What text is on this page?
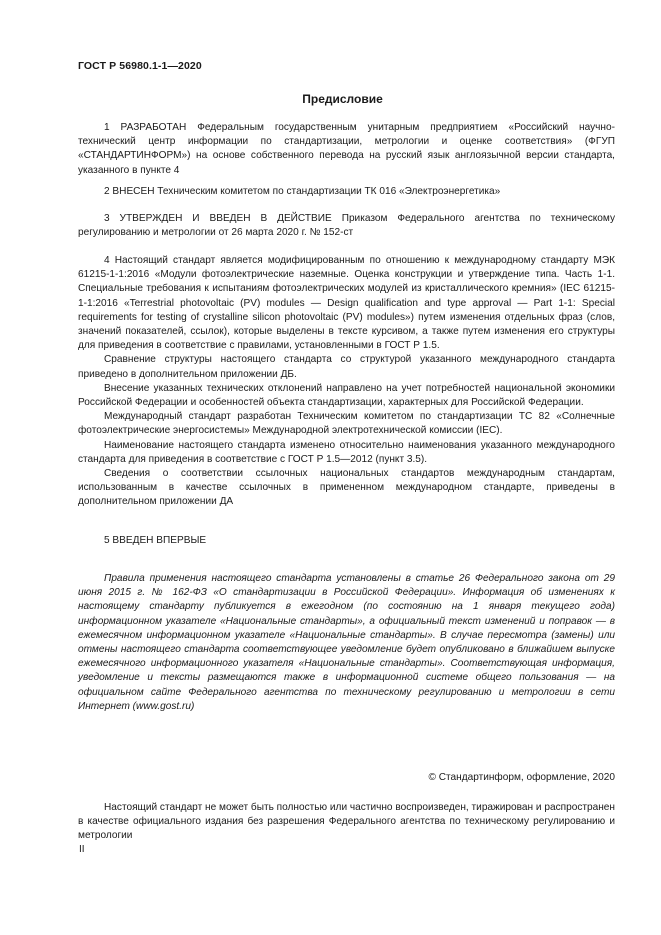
ГОСТ Р 56980.1-1—2020
Предисловие

1 РАЗРАБОТАН Федеральным государственным унитарным предприятием «Российский научно-технический центр информации по стандартизации, метрологии и оценке соответствия» (ФГУП «СТАНДАРТИНФОРМ») на основе собственного перевода на русский язык англоязычной версии стандарта, указанного в пункте 4

2 ВНЕСЕН Техническим комитетом по стандартизации ТК 016 «Электроэнергетика»

3 УТВЕРЖДЕН И ВВЕДЕН В ДЕЙСТВИЕ Приказом Федерального агентства по техническому регулированию и метрологии от 26 марта 2020 г. № 152-ст

4 Настоящий стандарт является модифицированным по отношению к международному стандарту МЭК 61215-1-1:2016 «Модули фотоэлектрические наземные. Оценка конструкции и утверждение типа. Часть 1-1. Специальные требования к испытаниям фотоэлектрических модулей из кристаллического кремния» (IEC 61215-1-1:2016 «Terrestrial photovoltaic (PV) modules — Design qualification and type approval — Part 1-1: Special requirements for testing of crystalline silicon photovoltaic (PV) modules») путем изменения отдельных фраз (слов, значений показателей, ссылок), которые выделены в тексте курсивом, а также путем изменения его структуры для приведения в соответствие с правилами, установленными в ГОСТ Р 1.5.

Сравнение структуры настоящего стандарта со структурой указанного международного стандарта приведено в дополнительном приложении ДБ.

Внесение указанных технических отклонений направлено на учет потребностей национальной экономики Российской Федерации и особенностей объекта стандартизации, характерных для Российской Федерации.

Международный стандарт разработан Техническим комитетом по стандартизации ТС 82 «Солнечные фотоэлектрические энергосистемы» Международной электротехнической комиссии (IEC).

Наименование настоящего стандарта изменено относительно наименования указанного международного стандарта для приведения в соответствие с ГОСТ Р 1.5—2012 (пункт 3.5).

Сведения о соответствии ссылочных национальных стандартов международным стандартам, использованным в качестве ссылочных в примененном международном стандарте, приведены в дополнительном приложении ДА

5 ВВЕДЕН ВПЕРВЫЕ

Правила применения настоящего стандарта установлены в статье 26 Федерального закона от 29 июня 2015 г. № 162-ФЗ «О стандартизации в Российской Федерации». Информация об изменениях к настоящему стандарту публикуется в ежегодном (по состоянию на 1 января текущего года) информационном указателе «Национальные стандарты», а официальный текст изменений и поправок — в ежемесячном информационном указателе «Национальные стандарты». В случае пересмотра (замены) или отмены настоящего стандарта соответствующее уведомление будет опубликовано в ближайшем выпуске ежемесячного информационного указателя «Национальные стандарты». Соответствующая информация, уведомление и тексты размещаются также в информационной системе общего пользования — на официальном сайте Федерального агентства по техническому регулированию и метрологии в сети Интернет (www.gost.ru)

© Стандартинформ, оформление, 2020

Настоящий стандарт не может быть полностью или частично воспроизведен, тиражирован и распространен в качестве официального издания без разрешения Федерального агентства по техническому регулированию и метрологии

II
